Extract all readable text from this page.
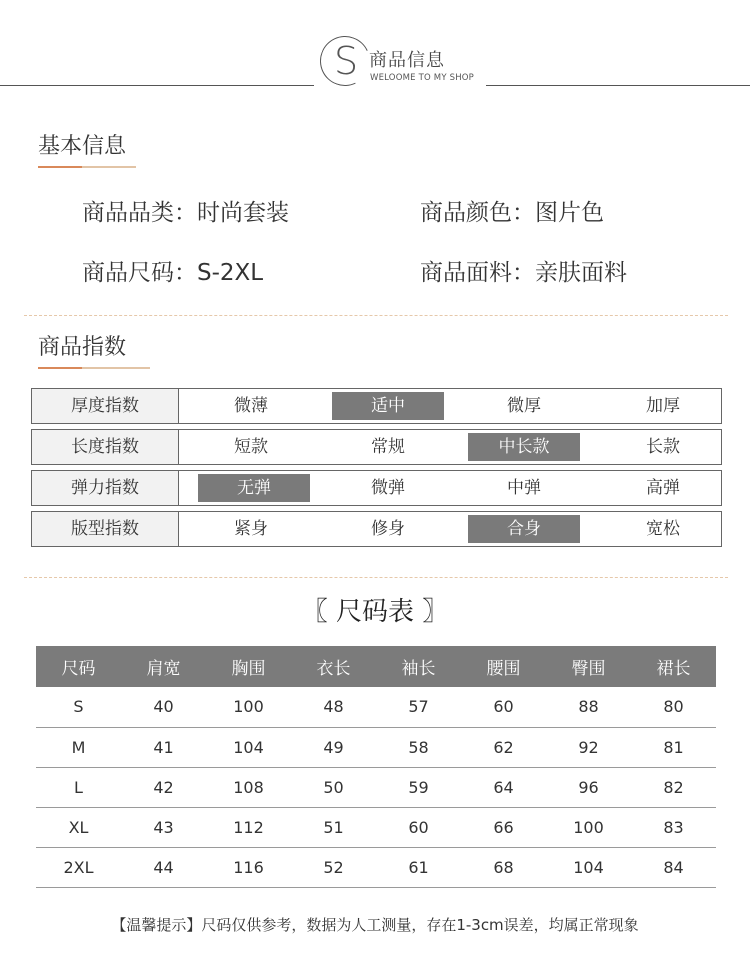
S 商品信息
WELOOME TO MY SHOP
基本信息
商品品类：时尚套装	商品颜色：图片色
商品尺码：S-2XL	商品面料：亲肤面料
商品指数
厚度指数	微薄	适中	微厚	加厚
长度指数	短款	常规	中长款	长款
弹力指数	无弹	微弹	中弹	高弹
版型指数	紧身	修身	合身	宽松
〖 尺码表 〗
尺码	肩宽	胸围	衣长	袖长	腰围	臀围	裙长
S	40	100	48	57	60	88	80
M	41	104	49	58	62	92	81
L	42	108	50	59	64	96	82
XL	43	112	51	60	66	100	83
2XL	44	116	52	61	68	104	84
【温馨提示】尺码仅供参考，数据为人工测量，存在1-3cm误差，均属正常现象
